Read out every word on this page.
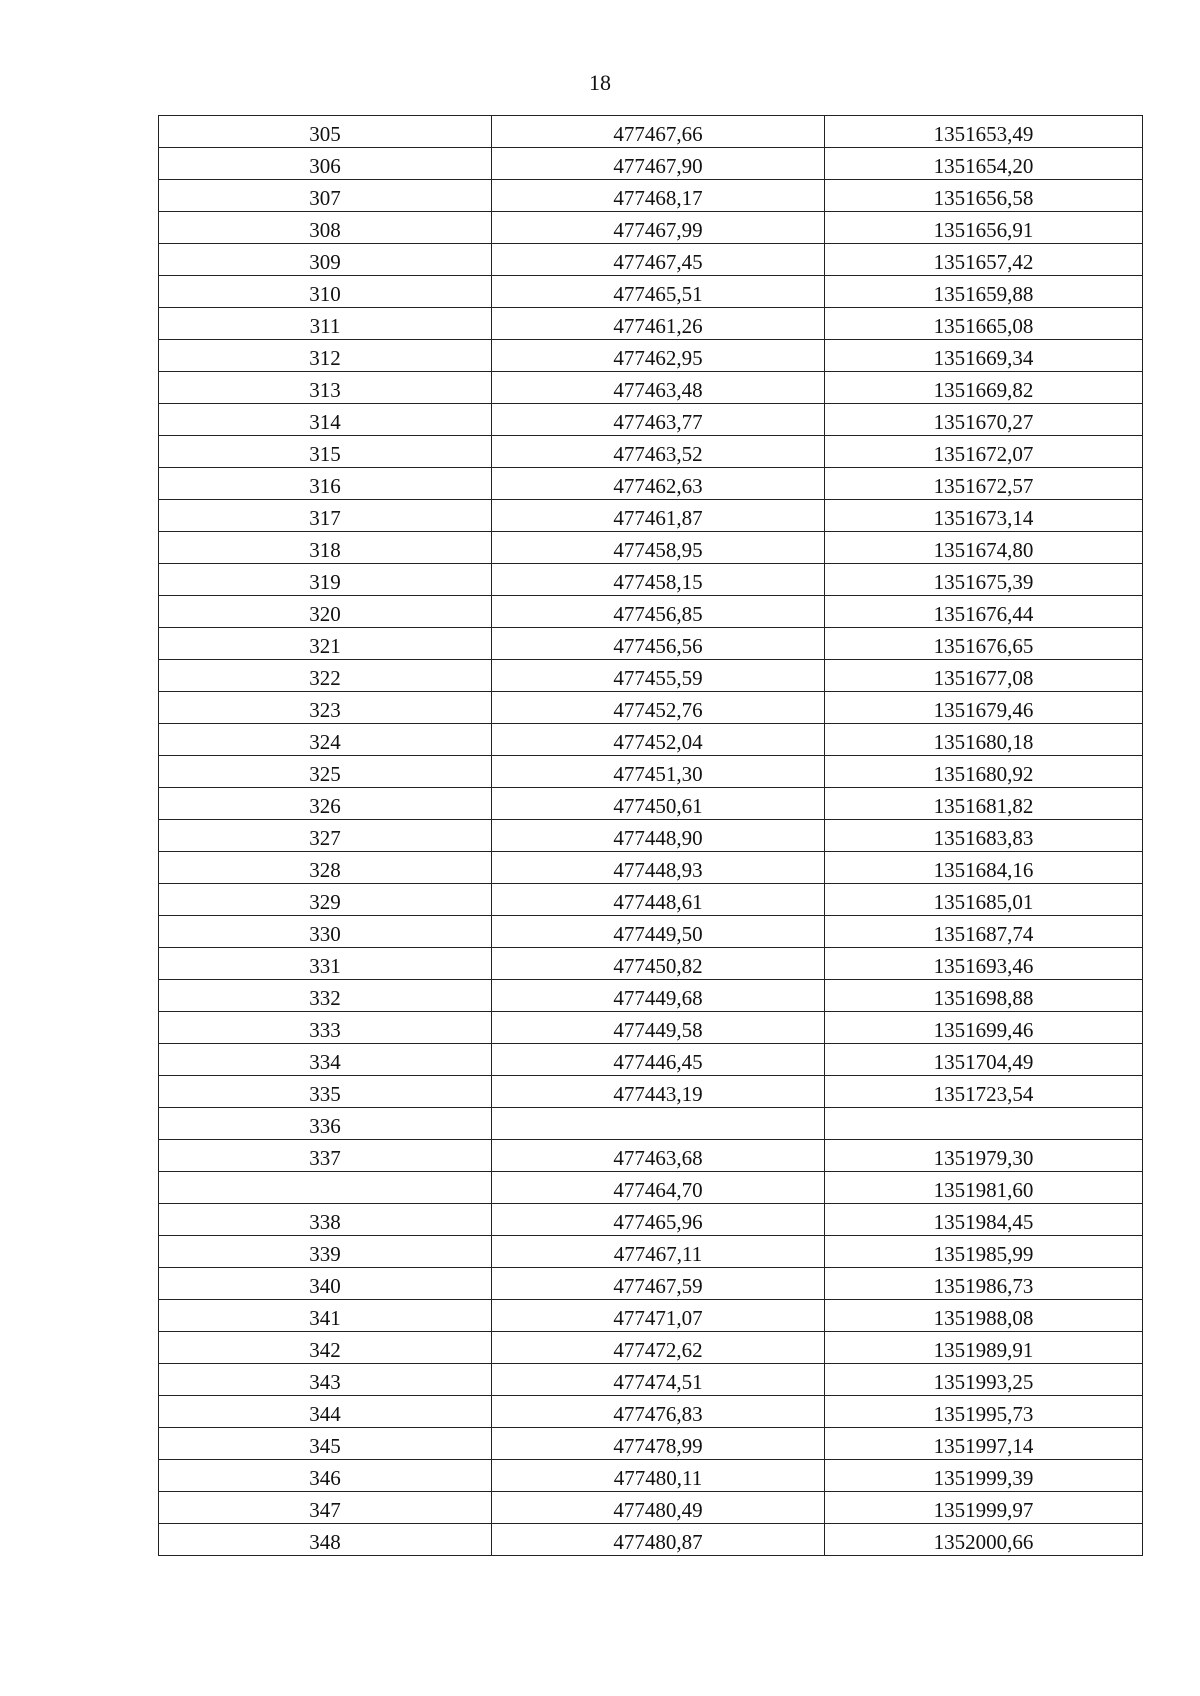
18
305	477467,66	1351653,49
306	477467,90	1351654,20
307	477468,17	1351656,58
308	477467,99	1351656,91
309	477467,45	1351657,42
310	477465,51	1351659,88
311	477461,26	1351665,08
312	477462,95	1351669,34
313	477463,48	1351669,82
314	477463,77	1351670,27
315	477463,52	1351672,07
316	477462,63	1351672,57
317	477461,87	1351673,14
318	477458,95	1351674,80
319	477458,15	1351675,39
320	477456,85	1351676,44
321	477456,56	1351676,65
322	477455,59	1351677,08
323	477452,76	1351679,46
324	477452,04	1351680,18
325	477451,30	1351680,92
326	477450,61	1351681,82
327	477448,90	1351683,83
328	477448,93	1351684,16
329	477448,61	1351685,01
330	477449,50	1351687,74
331	477450,82	1351693,46
332	477449,68	1351698,88
333	477449,58	1351699,46
334	477446,45	1351704,49
335	477443,19	1351723,54
336		
337	477463,68	1351979,30
	477464,70	1351981,60
338	477465,96	1351984,45
339	477467,11	1351985,99
340	477467,59	1351986,73
341	477471,07	1351988,08
342	477472,62	1351989,91
343	477474,51	1351993,25
344	477476,83	1351995,73
345	477478,99	1351997,14
346	477480,11	1351999,39
347	477480,49	1351999,97
348	477480,87	1352000,66
